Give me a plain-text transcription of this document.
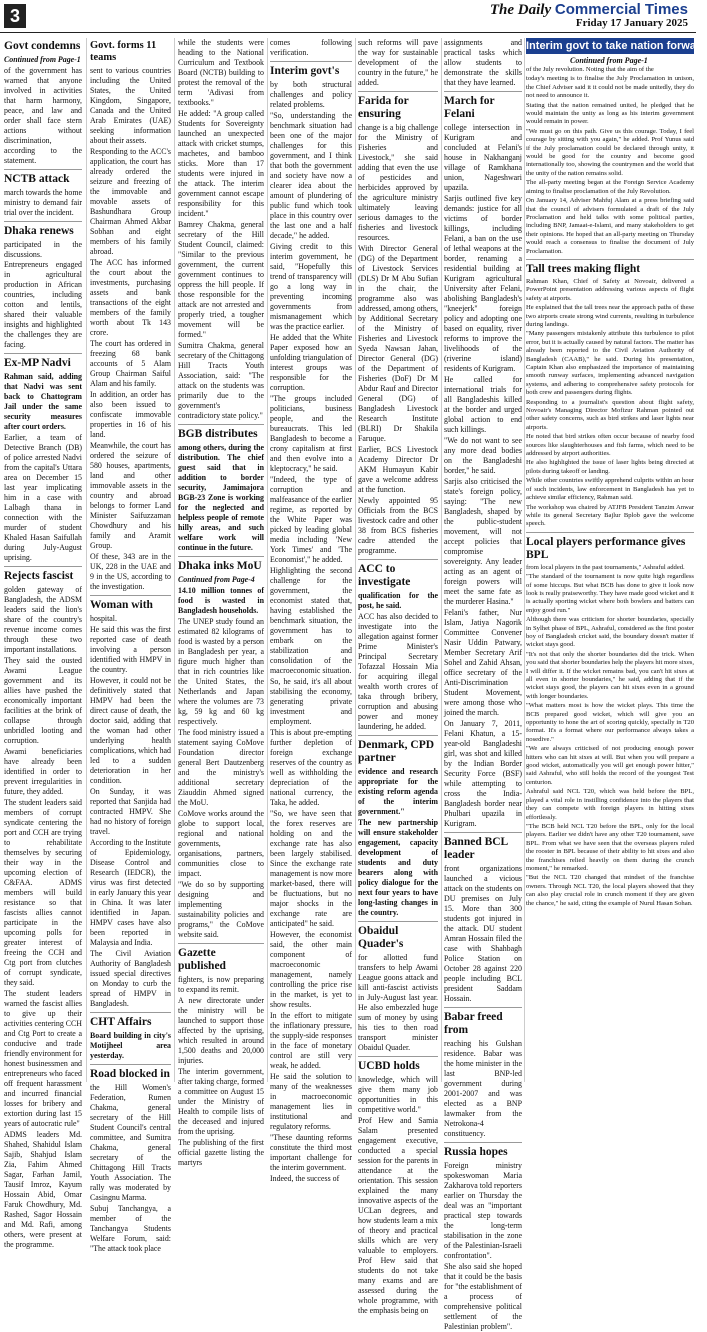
3	The Daily Commercial Times
Friday 17 January 2025
Govt condemns

Continued from Page-1

of the government has warned that anyone involved in activities that harm harmony, peace, and law and order shall face stern actions without discrimination, according to the statement.

NCTB attack

march towards the home ministry to demand fair trial over the incident.

Dhaka renews

participated in the discussions. Entrepreneurs engaged in agricultural production in African countries, including cotton and lentils, shared their valuable insights and highlighted the challenges they are facing.

Ex-MP Nadvi

Rahman said, adding that Nadvi was sent back to Chattogram Jail under the same security measures after court orders.

Earlier, a team of Detective Branch (DB) of police arrested Nadvi from the capital's Uttara area on December 15 last year implicating him in a case with Lalbagh thana in connection with the murder of student Khaled Hasan Saifullah during July-August uprising.

Rejects fascist

golden gateway of Bangladesh, the ADSM leaders said the lion's share of the country's revenue income comes through these two important installations.

They said the ousted Awami League government and its allies have pushed the economically important facilities at the brink of collapse through unbridled looting and corruption.

Awami beneficiaries have already been identified in order to prevent irregularities in future, they added.

The student leaders said members of corrupt syndicate centering the port and CCH are trying to rehabilitate themselves by securing their way in the upcoming election of C&FAA. ADMS members will build resistance so that fascists allies cannot participate in the upcoming polls for greater interest of freeing the CCH and Ctg port from clutches of corrupt syndicate, they said.

The student leaders warned the fascist allies to give up their activities centering CCH and Ctg Port to create a conducive and trade friendly environment for honest businessmen and entrepreneurs who faced off frequent harassment and incurred financial losses for bribery and extortion during last 15 years of autocratic rule"

ADMS leaders Md. Shahed, Shahidul Islam Sajib, Shahjud Islam Zia, Fahim Ahmed Sagar, Farhan Jamil, Tausif Imroz, Kayum Hossain Abid, Omar Faruk Chowdhury, Md. Rashed, Sagor Hossain and Md. Rafi, among others, were present at the programme.

Govt. forms 11 teams

sent to various countries including the United States, the United Kingdom, Singapore, Canada and the United Arab Emirates (UAE) seeking information about their assets.

Responding to the ACC's application, the court has already ordered the seizure and freezing of the immovable and movable assets of Bashundhara Group Chairman Ahmed Akbar Sobhan and eight members of his family abroad.

The ACC has informed the court about the investments, purchasing assets and bank transactions of the eight members of the family worth about Tk 143 crore.

The court has ordered in freezing 68 bank accounts of 5 Alam Group Chairman Saiful Alam and his family.

In addition, an order has also been issued to confiscate immovable properties in 16 of his land.

Meanwhile, the court has ordered the seizure of 580 houses, apartments, land and other immovable assets in the country and abroad belongs to former Land Minister Saifuzzaman Chowdhury and his family and Aramit Group.

Of these, 343 are in the UK, 228 in the UAE and 9 in the US, according to the investigation.

Woman with

hospital.

He said this was the first reported case of death involving a person identified with HMPV in the country.

However, it could not be definitively stated that HMPV had been the direct cause of death, the doctor said, adding that the woman had other underlying health complications, which had led to a sudden deterioration in her condition.

On Sunday, it was reported that Sanjida had contracted HMPV. She had no history of foreign travel.

According to the Institute of Epidemiology, Disease Control and Research (IEDCR), the virus was first detected in early January this year in China. It was later identified in Japan. HMPV cases have also been reported in Malaysia and India.

The Civil Aviation Authority of Bangladesh issued special directives on Monday to curb the spread of HMPV in Bangladesh.

CHT Affairs

Board building in city's Motijheel area yesterday.

Road blocked in

the Hill Women's Federation, Rumen Chakma, general secretary of the Hill Student Council's central committee, and Sumitra Chakma, general secretary of the Chittagong Hill Tracts Youth Association. The rally was moderated by Casingnu Marma.

Subuj Tanchangya, a member of the Tanchangya Students Welfare Forum, said: "The attack took place

while the students were heading to the National Curriculum and Textbook Board (NCTB) building to protest the removal of the term 'Adivasi from textbooks."

He added: "A group called Students for Sovereignty launched an unexpected attack with cricket stumps, machetes, and bamboo sticks. More than 17 students were injured in the attack. The interim government cannot escape responsibility for this incident."

Bamrey Chakma, general secretary of the Hill Student Council, claimed: "Similar to the previous government, the current government continues to oppress the hill people. If those responsible for the attack are not arrested and properly tried, a tougher movement will be formed."

Sumitra Chakma, general secretary of the Chittagong Hill Tracts Youth Association, said: "The attack on the students was primarily due to the government's contradictory state policy."

BGB distributes

among others, during the distribution. The chief guest said that in addition to border security, Jamimajora BGB-23 Zone is working for the neglected and helpless people of remote hilly areas, and such welfare work will continue in the future.

Dhaka inks MoU

Continued from Page-4

14.10 million tonnes of food is wasted in Bangladesh households.

The UNEP study found an estimated 82 kilograms of food is wasted by a person in Bangladesh per year, a figure much higher than that in rich countries like the United States, the Netherlands and Japan where the volumes are 73 kg, 59 kg and 60 kg respectively.

The food ministry issued a statement saying CoMove Foundation director general Bert Dautzenberg and the ministry's additional secretary Ziauddin Ahmed signed the MoU.

CoMove works around the globe to support local, regional and national governments, organisations, partners, communities close to impact.

"We do so by supporting designing and implementing sustainability policies and programs," the CoMove website said.

Gazette published

fighters, is now preparing to expand its remit.

A new directorate under the ministry will be launched to support those affected by the uprising, which resulted in around 1,500 deaths and 20,000 injuries.

The interim government, after taking charge, formed a committee on August 15 under the Ministry of Health to compile lists of the deceased and injured from the uprising.

The publishing of the first official gazette listing the martyrs

comes following verification.

Interim govt's

by both structural challenges and policy related problems.

"So, understanding the benchmark situation had been one of the major challenges for this government, and I think that both the government and society have now a clearer idea about the amount of plundering of public fund which took place in this country over the last one and a half decade," he added.

Giving credit to this interim government, he said, "Hopefully this trend of transparency will go a long way in preventing incoming governments from mismanagement which was the practice earlier.

He added that the White Paper exposed how an unfolding triangulation of interest groups was responsible for the corruption.

"The groups included politicians, business people, and the bureaucrats. This led Bangladesh to become a crony capitalism at first and then evolve into a kleptocracy," he said.

"Indeed, the type of corruption and malfeasance of the earlier regime, as reported by the White Paper was picked by leading global media including 'New York Times' and 'The Economist'," he added.

Highlighting the second challenge for the government, the economist stated that, having established the benchmark situation, the government has to embark on the stabilization and consolidation of the macroeconomic situation.

So, he said, it's all about stabilising the economy, generating private investment and employment.

This is about pre-empting further depletion of foreign exchange reserves of the country as well as withholding the depreciation of the national currency, the Taka, he added.

"So, we have seen that the forex reserves are holding on and the exchange rate has also been largely stabilised. Since the exchange rate management is now more market-based, there will be fluctuations, but no major shocks in the exchange rate are anticipated" he said.

However, the economist said, the other main component of macroeconomic management, namely controlling the price rise in the market, is yet to show results.

In the effort to mitigate the inflationary pressure, the supply-side responses in the face of monetary control are still very weak, he added.

He said the solution to many of the weaknesses in macroeconomic management lies in institutional and regulatory reforms.

"These daunting reforms constitute the third most important challenge for the interim government.

Indeed, the success of

such reforms will pave the way for sustainable development of the country in the future," he added.

Farida for ensuring

change is a big challenge for the Ministry of Fisheries and Livestock," she said adding that even the use of pesticides and herbicides approved by the agriculture ministry ultimately leaving serious damages to the fisheries and livestock resources.

With Director General (DG) of the Department of Livestock Services (DLS) Dr M Abu Sufian in the chair, the programme also was addressed, among others, by Additional Secretary of the Ministry of Fisheries and Livestock Syeda Nawsan Jahan, Director General (DG) of the Department of Fisheries (DoF) Dr M Abdur Rauf and Director General (DG) of Bangladesh Livestock Research Institute (BLRI) Dr Shakila Faruque.

Earlier, BCS Livestock Academy Director Dr AKM Humayun Kabir gave a welcome address at the function.

Newly appointed 95 Officials from the BCS livestock cadre and other 38 from BCS fisheries cadre attended the programme.

ACC to investigate

qualification for the post, he said.

ACC has also decided to investigate into the allegation against former Prime Minister's Principal Secretary Tofazzal Hossain Mia for acquiring illegal wealth worth crores of taka through bribery, corruption and abusing power and money laundering, he added.

Denmark, CPD partner

evidence and research appropriate for the existing reform agenda of the interim government."

The new partnership will ensure stakeholder engagement, capacity development of students and duty bearers along with policy dialogue for the next four years to have long-lasting changes in the country.

Obaidul Quader's

for allotted fund transfers to help Awami League goons attack and kill anti-fascist activists in July-August last year. He also embezzled huge sum of money by using his ties to then road transport minister Obaidul Quader.

UCBD holds

knowledge, which will give them many job opportunities in this competitive world."

Prof Hew and Samia Salam presented engagement executive, conducted a special session for the parents in attendance at the orientation. This session explained the many innovative aspects of the UCLan degrees, and how students learn a mix of theory and practical skills which are very valuable to employers. Prof Hew said that students do not take many exams and are assessed during the whole programme, with the emphasis being on

assignments and practical tasks which allow students to demonstrate the skills that they have learned.

March for Felani

college intersection in Kurigram and concluded at Felani's house in Nakhanganj village of Ramkhana union, Nageshwari upazila.

Sarjis outlined five key demands: justice for all victims of border killings, including Felani, a ban on the use of lethal weapons at the border, renaming a residential building at Kurigram agricultural University after Felani, abolishing Bangladesh's "kneejerk" foreign policy and adopting one based on equality, river reforms to improve the livelihoods of the (riverine island) residents of Kurigram.

He called for international trials for all Bangladeshis killed at the border and urged global action to end such killings.

"We do not want to see any more dead bodies on the Bangladeshi border," he said.

Sarjis also criticised the state's foreign policy, saying: "The new Bangladesh, shaped by the public-student movement, will not accept policies that compromise sovereignty. Any leader acting as an agent of foreign powers will meet the same fate as the murderer Hasina."

Felani's father, Nur Islam, Jatiya Nagorik Committee Convener Nasir Uddin Patwary, Member Secretary Arif Sohel and Zahid Ahsan, office secretary of the Anti-Discrimination Student Movement, were among those who joined the march.

On January 7, 2011, Felani Khatun, a 15-year-old Bangladeshi girl, was shot and killed by the Indian Border Security Force (BSF) while attempting to cross the India-Bangladesh border near Phulbari upazila in Kurigram.

Banned BCL leader

front organizations launched a vicious attack on the students on DU premises on July 15. More than 300 students got injured in the attack. DU student Amran Hossain filed the case with Shahbagh Police Station on October 28 against 220 people including BCL president Saddam Hossain.

Babar freed from

reaching his Gulshan residence. Babar was the home minister in the last BNP-led government during 2001-2007 and was elected as a BNP lawmaker from the Netrokona-4 constituency.

Russia hopes

Foreign ministry spokeswoman Maria Zakharova told reporters earlier on Thursday the deal was an "important practical step towards the long-term stabilisation in the zone of the Palestinian-Israeli confrontation".

She also said she hoped that it could be the basis for "the establishment of a process of comprehensive political settlement of the Palestinian problem".

Interim govt to take nation forward
Continued from Page-1

of the July revolution. Noting that the aim of the

today's meeting is to finalise the July Proclamation in unison, the Chief Adviser said it it could not be made unitedly, they do not need to announce it.

Stating that the nation remained united, he pledged that he would maintain the unity as long as his interim government would remain in power.

"We must go on this path. Give us this courage. Today, I feel courage by sitting with you again," he added. Prof Yunus said if the July proclamation could be declared through unity, it would be good for the country and become good internationally too, showing the countrymen and the world that the unity of the nation remains solid.

The all-party meeting began at the Foreign Service Academy aiming to finalise proclamation of the July Revolution.

On January 14, Adviser Mahfuj Alam at a press briefing said that the council of advisers formulated a draft of the July Proclamation and held talks with some political parties, including BNP, Jamaat-e-Islami, and many stakeholders to get their opinions. He hoped that an all-party meeting on Thursday would reach a consensus to finalise the document of July Proclamation.

Tall trees making flight

Rahman Khan, Chief of Safety at Novoair, delivered a PowerPoint presentation addressing various aspects of flight safety at airports.

He explained that the tall trees near the approach paths of these two airports create strong wind currents, resulting in turbulence during landings.

"Many passengers mistakenly attribute this turbulence to pilot error, but it is actually caused by natural factors. The matter has already been reported to the Civil Aviation Authority of Bangladesh (CAAB)," he said. During his presentation, Captain Khan also emphasized the importance of maintaining smooth runway surfaces, implementing advanced navigation systems, and adhering to comprehensive safety protocols for both crew and passengers during flights.

Responding to a journalist's question about flight safety, Novoair's Managing Director Mofizur Rahman pointed out other safety concerns, such as bird strikes and laser lights near airports.

He noted that bird strikes often occur because of nearby food sources like slaughterhouses and fish farms, which need to be addressed by airport authorities.

He also highlighted the issue of laser lights being directed at pilots during takeoff or landing.

While other countries swiftly apprehend culprits within an hour of such incidents, law enforcement in Bangladesh has yet to achieve similar efficiency, Rahman said.

The workshop was chaired by ATJFB President Tanzim Anwar while its general Secretary Bajlur Bplob gave the welcome speech.

Local players performance gives BPL

from local players in the past tournaments," Ashraful added.

"The standard of the tournament is now quite high regardless of some hiccups. But what BCB has done to give it look now look is really praiseworthy. They have made good wicket and it is actually sporting wicket where both bowlers and batters can enjoy good run."

Although there was criticism for shorter boundaries, specially in Sylhet phase of BPL, Ashraful, considered as the first poster boy of Bangladesh cricket said, the boundary doesn't matter if wicket stays good.

"It's not that only the shorter boundaries did the trick. When you said that shorter boundaries help the players hit more sixes, I will differ it. If the wicket remains bad, you can't hit sixes at all even in shorter boundaries," he said, adding that if the wicket stays good, the players can hit sixes even in a ground with longer boundaries.

"What matters most is how the wicket plays. This time the BCB prepared good wicket, which will give you an opportunity to hone the art of scoring quickly, specially in T20 format. It's a format where our performance always takes a nosedive."

"We are always criticised of not producing enough power hitters who can hit sixes at will. But when you will prepare a good wicket, automatically you will get enough power hitter," said Ashraful, who still holds the record of the youngest Test centurion.

Ashraful said NCL T20, which was held before the BPL, played a vital role in instilling confidence into the players that they can compete with foreign players in hitting sixes effortlessly.

"The BCB held NCL T20 before the BPL, only for the local players. Earlier we didn't have any other T20 tournament, save BPL. From what we have seen that the overseas players ruled the rooster in BPL because of their ability to hit sixes and also the franchises relied heavily on them during the crunch moment," he remarked.

"But the NCL T20 changed that mindset of the franchise owners. Through NCL T20, the local players showed that they can also play crucial role in crunch moment if they are given the chance," he said, citing the example of Nurul Hasan Sohan.
